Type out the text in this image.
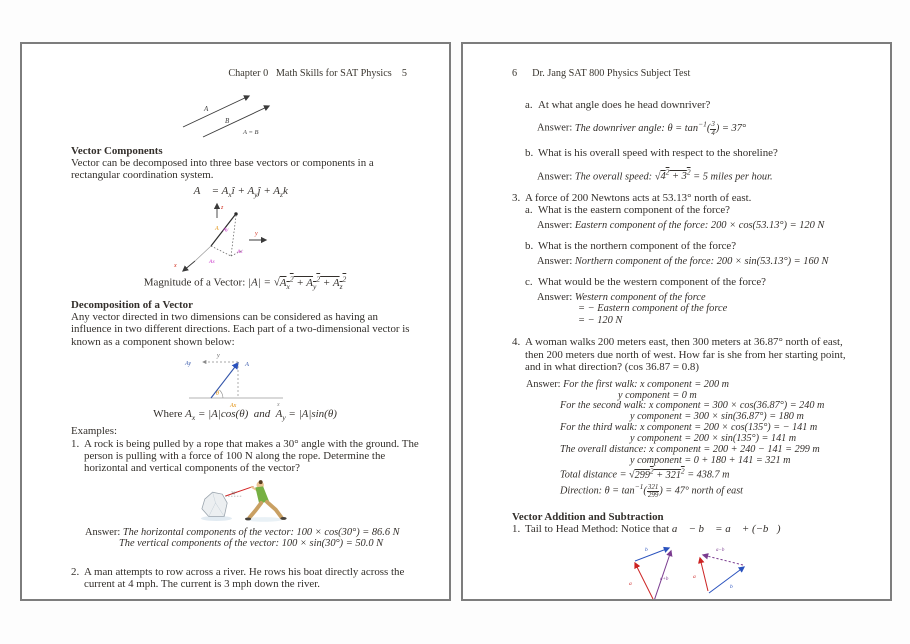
Chapter 0   Math Skills for SAT Physics    5
A
B
A = B
Vector Components
Vector can be decomposed into three base vectors or components in a rectangular coordination system.
A⃗ = $A_xî$ + $A_yĵ$ + $A_zk⃗$
z
x
y
A Ay
Az
Ax
Magnitude of a Vector: $|A| = √A_x^2 + A_y^2 + A_z^2$
Decomposition of a Vector
Any vector directed in two dimensions can be considered as having an influence in two different directions. Each part of a two-dimensional vector is known as a component shown below:
x
y
Ay	A
θ
Ax
Where $A_x = |A|\cos(\theta)$  and  $A_y = |A|\sin(\theta)$
Examples:
1. A rock is being pulled by a rope that makes a 30° angle with the ground. The person is pulling with a force of 100 N along the rope. Determine the horizontal and vertical components of the vector?
30°
Answer: The horizontal components of the vector: 100 × cos(30°) = 86.6 N
The vertical components of the vector: 100 × sin(30°) = 50.0 N
2. A man attempts to row across a river. He rows his boat directly across the current at 4 mph. The current is 3 mph down the river.
6 Dr. Jang SAT 800 Physics Subject Test
a. At what angle does he head downriver?
Answer: The downriver angle: $\theta = \tan^{-1}( \frac{3}{4}$ ) = 37°
b. What is his overall speed with respect to the shoreline?
Answer: The overall speed: $√4^2 + 3^2 = 5$ miles per hour.
3. A force of 200 Newtons acts at 53.13° north of east.
a. What is the eastern component of the force?
Answer: Eastern component of the force: 200 × cos(53.13°) = 120 N
b. What is the northern component of the force?
Answer: Northern component of the force: 200 × sin(53.13°) = 160 N
c. What would be the western component of the force?
Answer: Western component of the force
= − Eastern component of the force
= − 120 N
4. A woman walks 200 meters east, then 300 meters at 36.87° north of east, then 200 meters due north of west. How far is she from her starting point, and in what direction? (cos 36.87 = 0.8)
Answer: For the first walk: x component = 200 m
y component = 0 m
For the second walk: x component = 300 × cos(36.87°) = 240 m
y component = 300 × sin(36.87°) = 180 m
For the third walk: x component = 200 × cos(135°) = − 141 m
y component = 200 × sin(135°) = 141 m
The overall distance: x component = 200 + 240 − 141 = 299 m
y component = 0 + 180 + 141 = 321 m
Total distance = $√299^2 + 321^2 = 438.7$ m
Direction: $\theta = \tan^{-1}( \frac{321}{299}$ ) = 47° north of east
Vector Addition and Subtraction
1. Tail to Head Method: Notice that a⃗ − b⃗ = a⃗ + (−b⃗)
a
b
a+b	a
b
a−b
